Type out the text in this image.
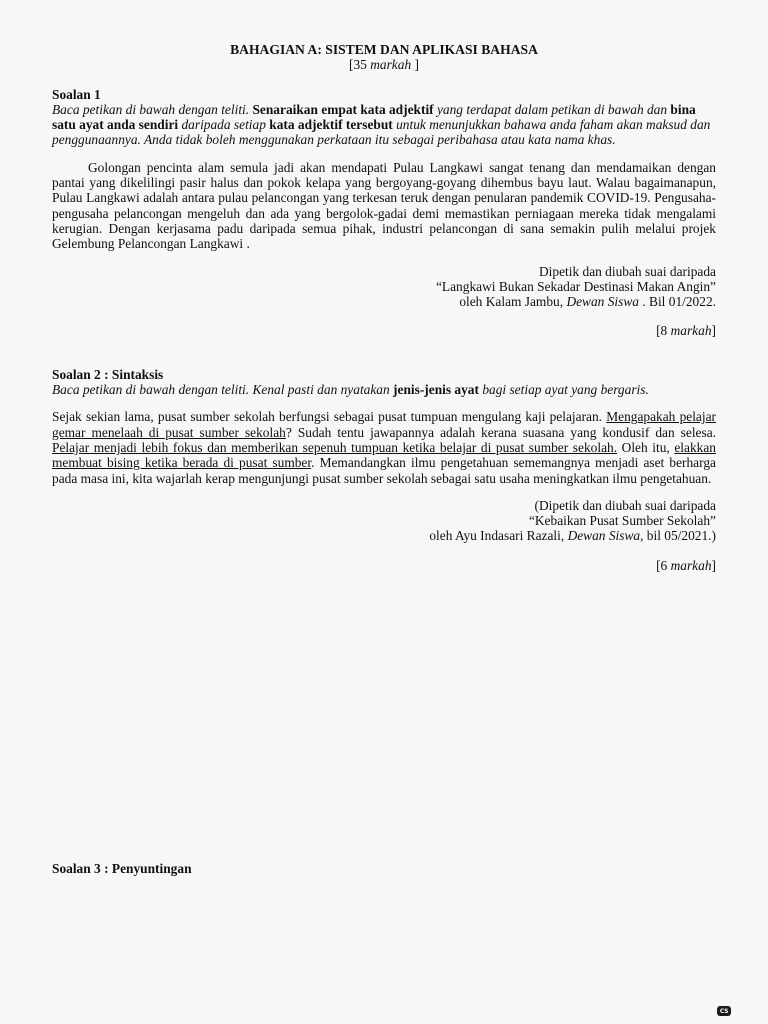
BAHAGIAN A: SISTEM DAN APLIKASI BAHASA
[35 markah ]

Soalan 1

Baca petikan di bawah dengan teliti. Senaraikan empat kata adjektif yang terdapat dalam petikan di bawah dan bina satu ayat anda sendiri daripada setiap kata adjektif tersebut untuk menunjukkan bahawa anda faham akan maksud dan penggunaannya. Anda tidak boleh menggunakan perkataan itu sebagai peribahasa atau kata nama khas.

Golongan pencinta alam semula jadi akan mendapati Pulau Langkawi sangat tenang dan mendamaikan dengan pantai yang dikelilingi pasir halus dan pokok kelapa yang bergoyang-goyang dihembus bayu laut. Walau bagaimanapun, Pulau Langkawi adalah antara pulau pelancongan yang terkesan teruk dengan penularan pandemik COVID-19. Pengusaha-pengusaha pelancongan mengeluh dan ada yang bergolok-gadai demi memastikan perniagaan mereka tidak mengalami kerugian. Dengan kerjasama padu daripada semua pihak, industri pelancongan di sana semakin pulih melalui projek Gelembung Pelancongan Langkawi .

Dipetik dan diubah suai daripada
“Langkawi Bukan Sekadar Destinasi Makan Angin”
oleh Kalam Jambu, Dewan Siswa . Bil 01/2022.
[8 markah]

Soalan 2 : Sintaksis

Baca petikan di bawah dengan teliti. Kenal pasti dan nyatakan jenis-jenis ayat bagi setiap ayat yang bergaris.

Sejak sekian lama, pusat sumber sekolah berfungsi sebagai pusat tumpuan mengulang kaji pelajaran. Mengapakah pelajar gemar menelaah di pusat sumber sekolah? Sudah tentu jawapannya adalah kerana suasana yang kondusif dan selesa. Pelajar menjadi lebih fokus dan memberikan sepenuh tumpuan ketika belajar di pusat sumber sekolah. Oleh itu, elakkan membuat bising ketika berada di pusat sumber. Memandangkan ilmu pengetahuan sememangnya menjadi aset berharga pada masa ini, kita wajarlah kerap mengunjungi pusat sumber sekolah sebagai satu usaha meningkatkan ilmu pengetahuan.

(Dipetik dan diubah suai daripada
“Kebaikan Pusat Sumber Sekolah”
oleh Ayu Indasari Razali, Dewan Siswa, bil 05/2021.)
[6 markah]

Soalan 3 : Penyuntingan

CS
